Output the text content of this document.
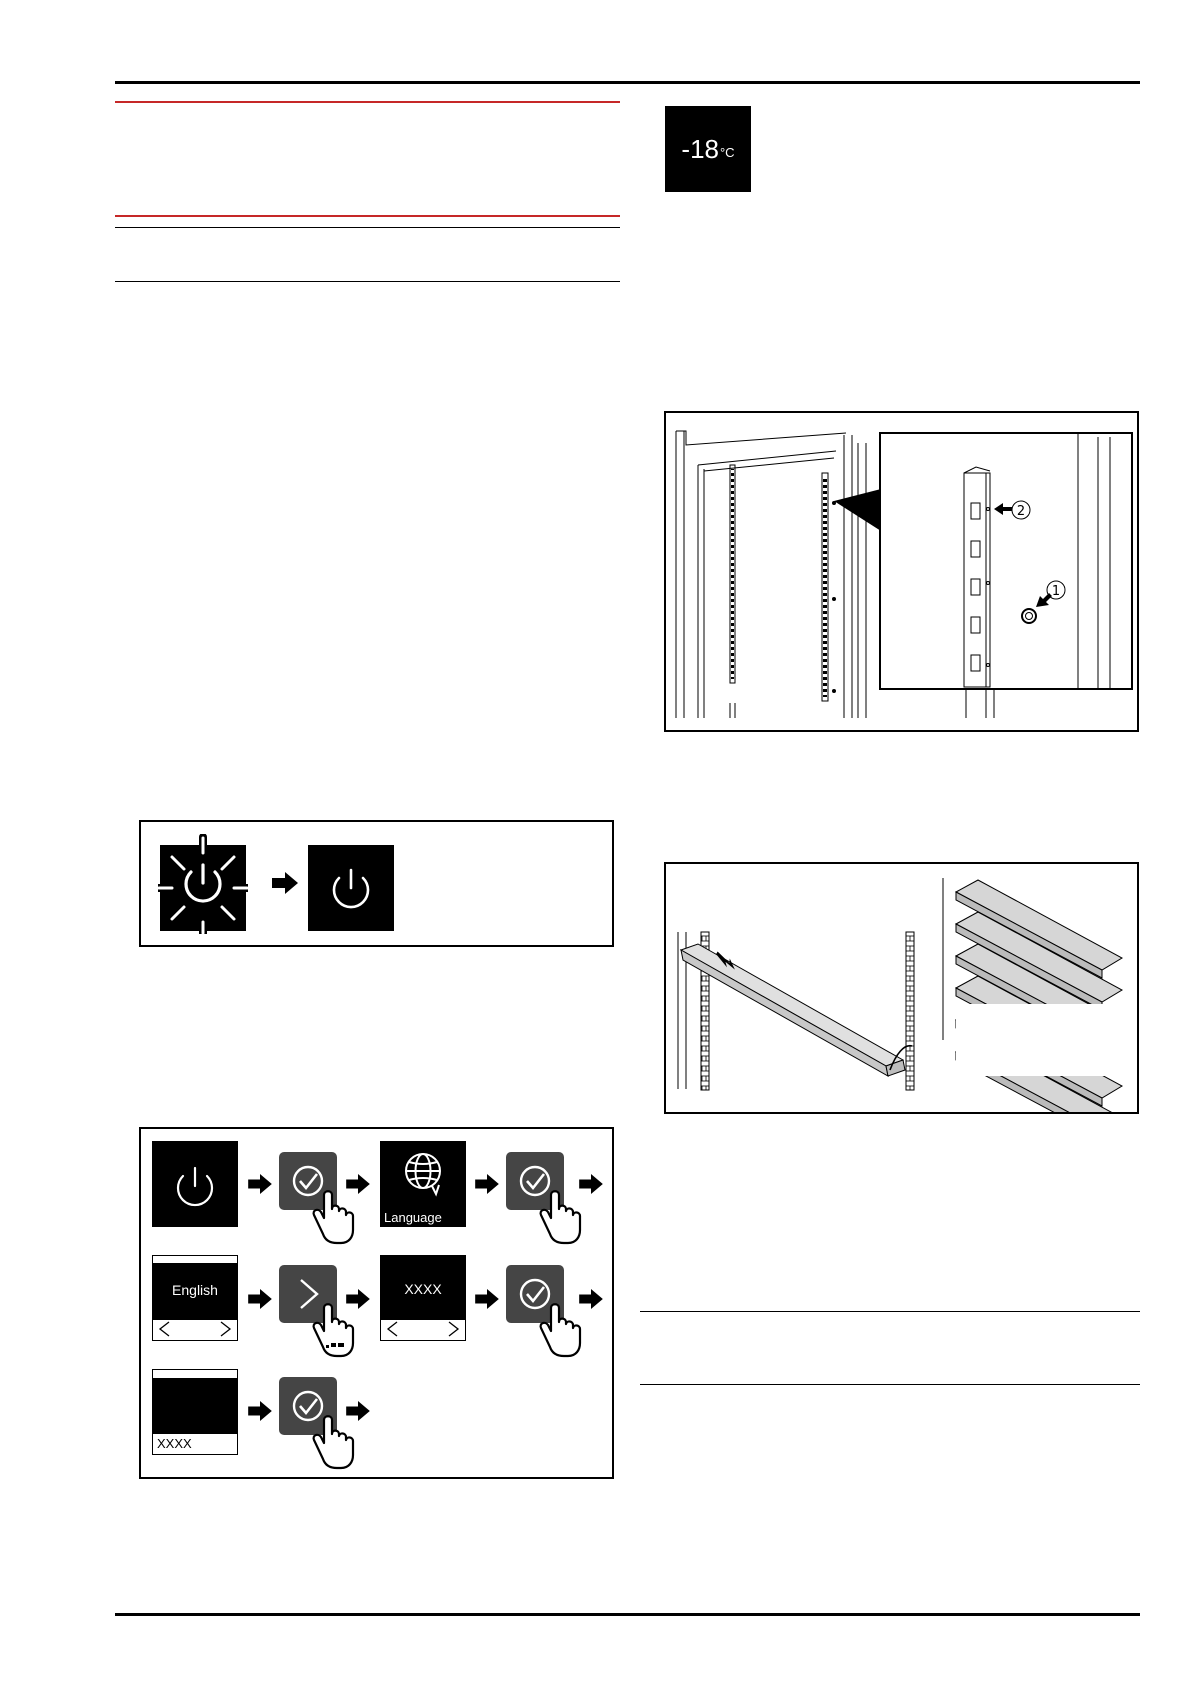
-18 °C
Language
English	XXXX
XXXX
2
1
